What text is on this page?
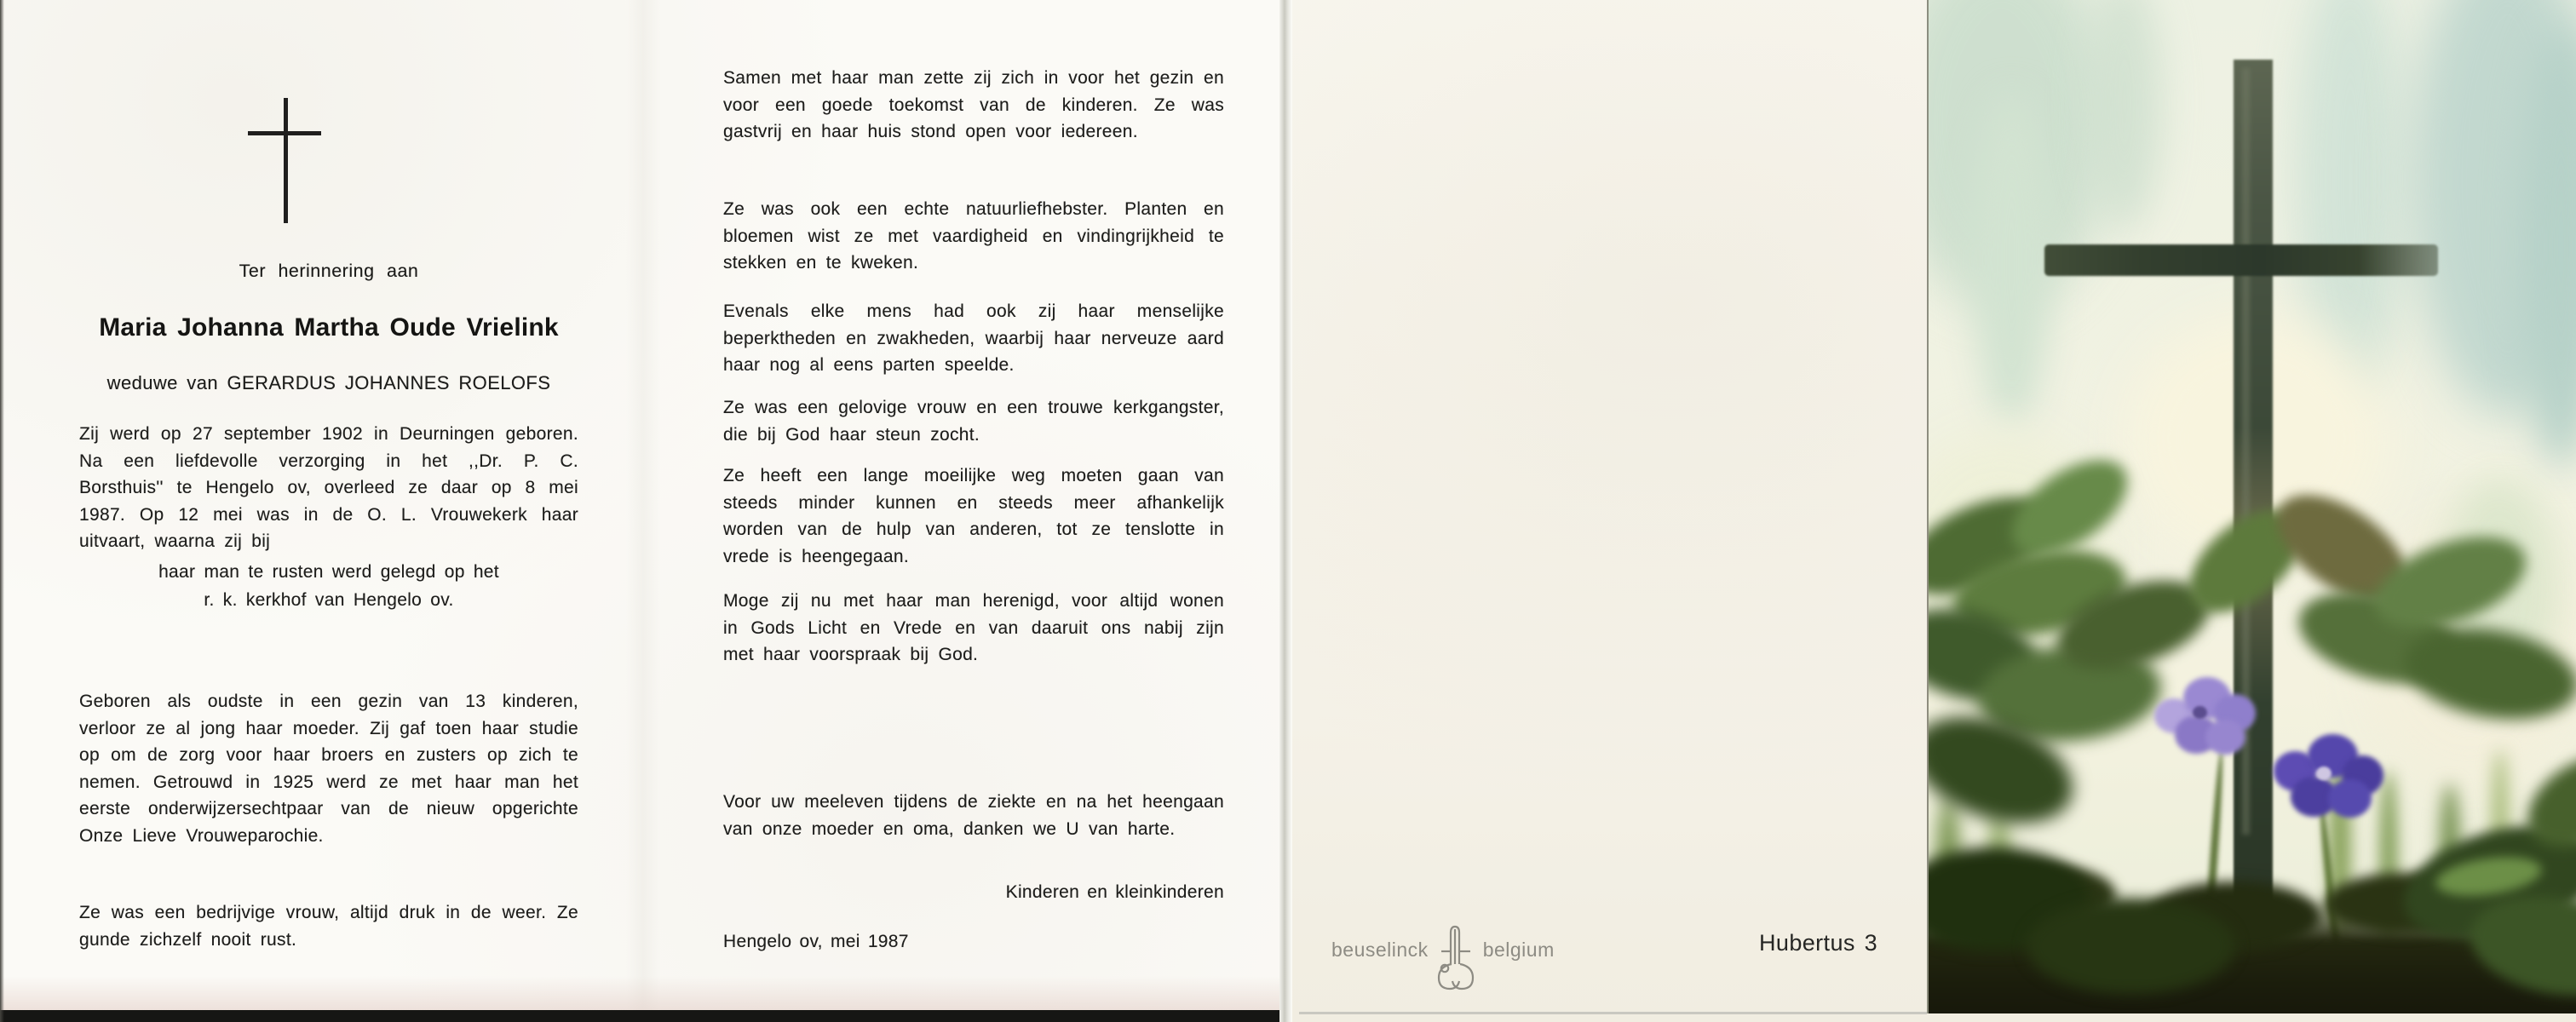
Ter herinnering aan
Maria Johanna Martha Oude Vrielink
weduwe van GERARDUS JOHANNES ROELOFS
Zij werd op 27 september 1902 in Deurningen geboren. Na een liefdevolle verzorging in het ,,Dr. P. C. Borsthuis'' te Hengelo ov, overleed ze daar op 8 mei 1987. Op 12 mei was in de O. L. Vrouwekerk haar uitvaart, waarna zij bij
haar man te rusten werd gelegd op het
r. k. kerkhof van Hengelo ov.
Geboren als oudste in een gezin van 13 kinderen, verloor ze al jong haar moeder. Zij gaf toen haar studie op om de zorg voor haar broers en zusters op zich te nemen. Getrouwd in 1925 werd ze met haar man het eerste onderwijzersechtpaar van de nieuw opgerichte Onze Lieve Vrouweparochie.
Ze was een bedrijvige vrouw, altijd druk in de weer. Ze gunde zichzelf nooit rust.
Samen met haar man zette zij zich in voor het gezin en voor een goede toekomst van de kinderen. Ze was gastvrij en haar huis stond open voor iedereen.
Ze was ook een echte natuurliefhebster. Planten en bloemen wist ze met vaardigheid en vindingrijkheid te stekken en te kweken.
Evenals elke mens had ook zij haar menselijke beperktheden en zwakheden, waarbij haar nerveuze aard haar nog al eens parten speelde.
Ze was een gelovige vrouw en een trouwe kerkgangster, die bij God haar steun zocht.
Ze heeft een lange moeilijke weg moeten gaan van steeds minder kunnen en steeds meer afhankelijk worden van de hulp van anderen, tot ze tenslotte in vrede is heengegaan.
Moge zij nu met haar man herenigd, voor altijd wonen in Gods Licht en Vrede en van daaruit ons nabij zijn met haar voorspraak bij God.
Voor uw meeleven tijdens de ziekte en na het heengaan van onze moeder en oma, danken we U van harte.
Kinderen en kleinkinderen
Hengelo ov, mei 1987	beuselinck	belgium	Hubertus 3
